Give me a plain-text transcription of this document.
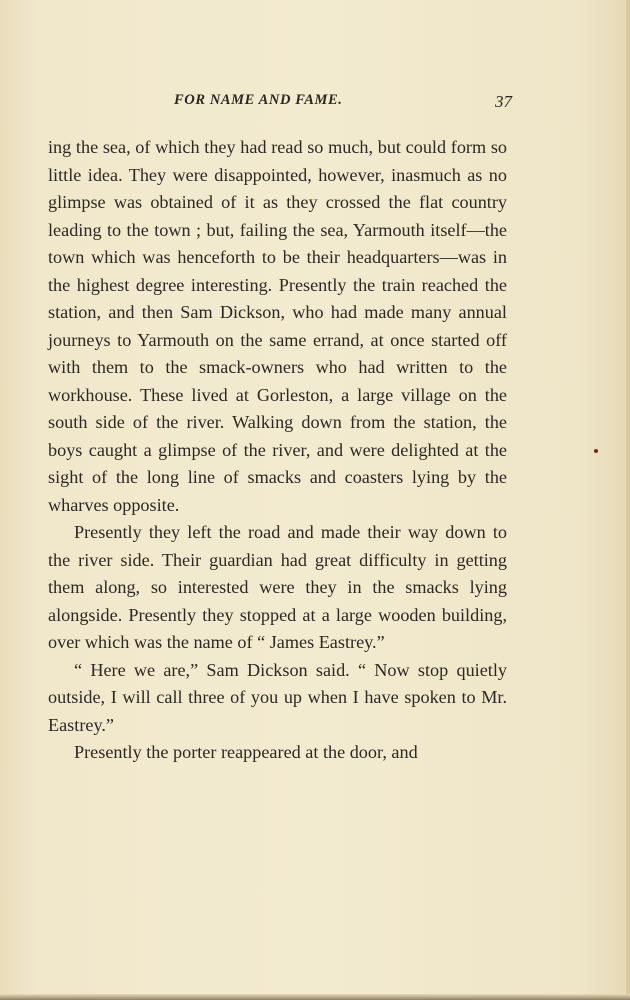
FOR NAME AND FAME.	37

ing the sea, of which they had read so much, but could form so little idea. They were disappointed, however, inasmuch as no glimpse was obtained of it as they crossed the flat country leading to the town ; but, failing the sea, Yarmouth itself—the town which was henceforth to be their headquarters—was in the highest degree interesting. Presently the train reached the station, and then Sam Dickson, who had made many annual journeys to Yarmouth on the same errand, at once started off with them to the smack-owners who had written to the workhouse. These lived at Gorleston, a large village on the south side of the river. Walking down from the station, the boys caught a glimpse of the river, and were delighted at the sight of the long line of smacks and coasters lying by the wharves opposite.

Presently they left the road and made their way down to the river side. Their guardian had great difficulty in getting them along, so interested were they in the smacks lying alongside. Presently they stopped at a large wooden building, over which was the name of “ James Eastrey.”

“ Here we are,” Sam Dickson said. “ Now stop quietly outside, I will call three of you up when I have spoken to Mr. Eastrey.”

Presently the porter reappeared at the door, and
